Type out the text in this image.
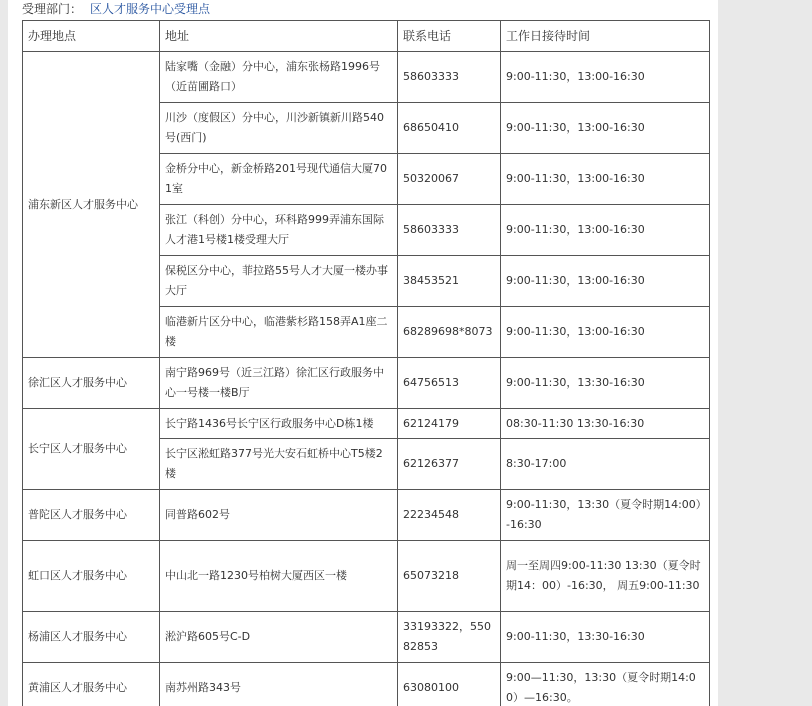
受理部门： 区人才服务中心受理点
办理地点	地址	联系电话	工作日接待时间
浦东新区人才服务中心	陆家嘴（金融）分中心，浦东张杨路1996号（近苗圃路口）	58603333	9:00-11:30，13:00-16:30
	川沙（度假区）分中心，川沙新镇新川路540号(西门)	68650410	9:00-11:30，13:00-16:30
	金桥分中心，新金桥路201号现代通信大厦701室	50320067	9:00-11:30，13:00-16:30
	张江（科创）分中心，环科路999弄浦东国际人才港1号楼1楼受理大厅	58603333	9:00-11:30，13:00-16:30
	保税区分中心，菲拉路55号人才大厦一楼办事大厅	38453521	9:00-11:30，13:00-16:30
	临港新片区分中心，临港紫杉路158弄A1座二楼	68289698*8073	9:00-11:30，13:00-16:30
徐汇区人才服务中心	南宁路969号（近三江路）徐汇区行政服务中心一号楼一楼B厅	64756513	9:00-11:30，13:30-16:30
长宁区人才服务中心	长宁路1436号长宁区行政服务中心D栋1楼	62124179	08:30-11:30 13:30-16:30
	长宁区淞虹路377号光大安石虹桥中心T5楼2楼	62126377	8:30-17:00
普陀区人才服务中心	同普路602号	22234548	9:00-11:30，13:30（夏令时期14:00）-16:30
虹口区人才服务中心	中山北一路1230号柏树大厦西区一楼	65073218	周一至周四9:00-11:30 13:30（夏令时期14：00）-16:30， 周五9:00-11:30
杨浦区人才服务中心	淞沪路605号C-D	33193322，55082853	9:00-11:30，13:30-16:30
黄浦区人才服务中心	南苏州路343号	63080100	9:00—11:30，13:30（夏令时期14:00）—16:30。
